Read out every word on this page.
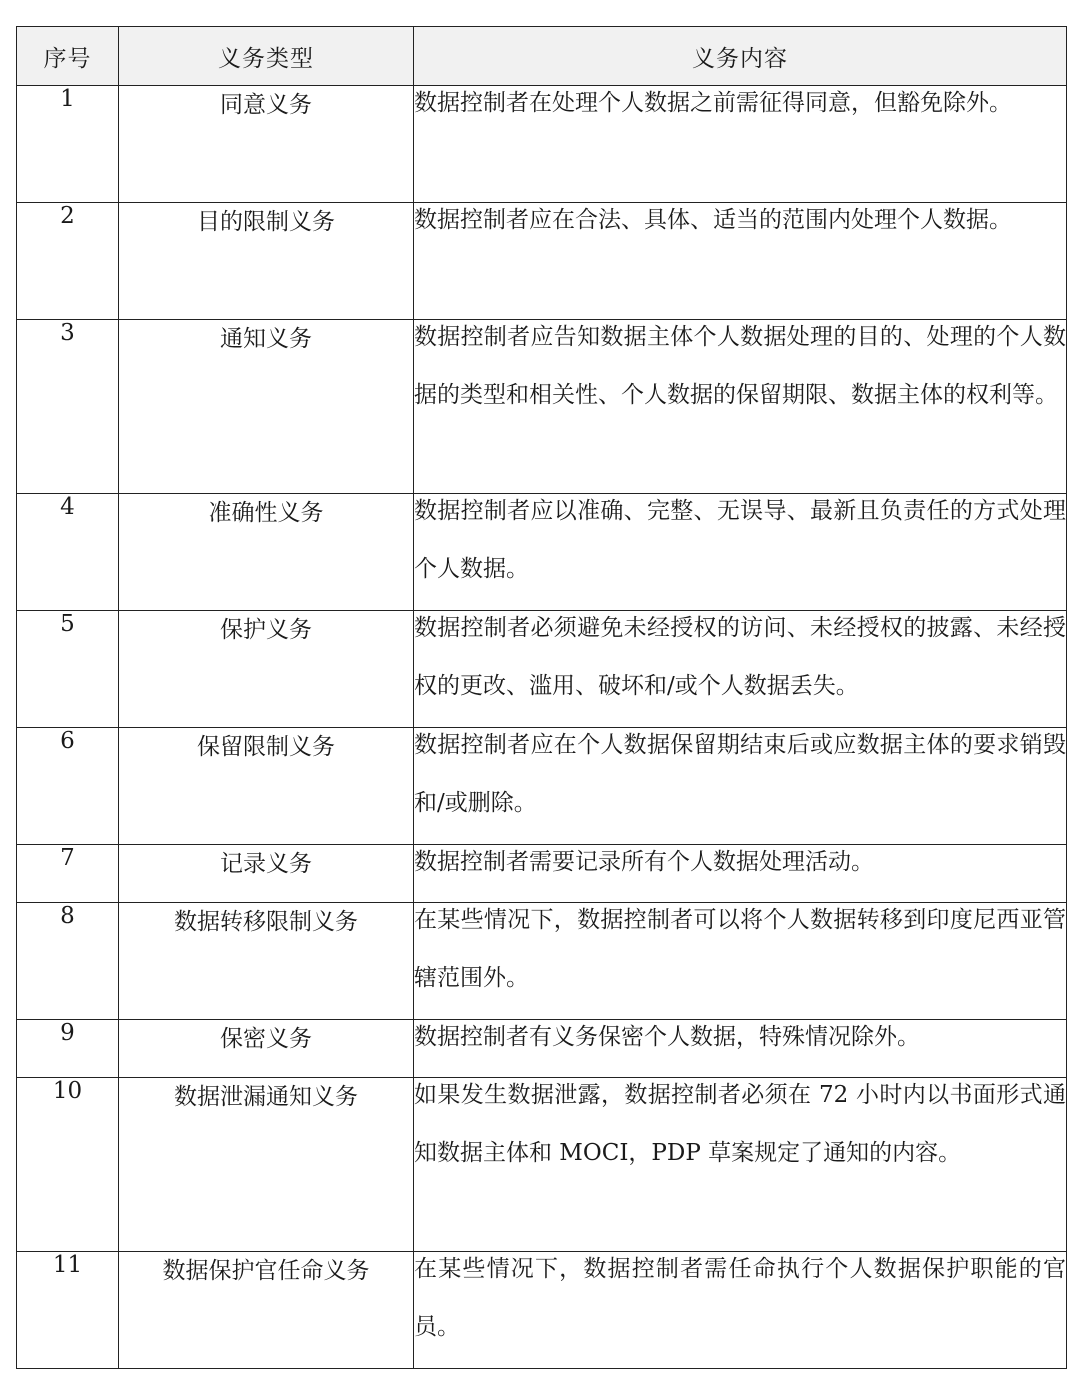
序号	义务类型	义务内容
1	同意义务	数据控制者在处理个人数据之前需征得同意，但豁免除外。

2	目的限制义务	数据控制者应在合法、具体、适当的范围内处理个人数据。

3	通知义务	数据控制者应告知数据主体个人数据处理的目的、处理的个人数据的类型和相关性、个人数据的保留期限、数据主体的权利等。

4	准确性义务	数据控制者应以准确、完整、无误导、最新且负责任的方式处理个人数据。

5	保护义务	数据控制者必须避免未经授权的访问、未经授权的披露、未经授权的更改、滥用、破坏和/或个人数据丢失。

6	保留限制义务	数据控制者应在个人数据保留期结束后或应数据主体的要求销毁和/或删除。

7	记录义务	数据控制者需要记录所有个人数据处理活动。

8	数据转移限制义务	在某些情况下，数据控制者可以将个人数据转移到印度尼西亚管辖范围外。

9	保密义务	数据控制者有义务保密个人数据，特殊情况除外。

10	数据泄漏通知义务	如果发生数据泄露，数据控制者必须在 72 小时内以书面形式通知数据主体和 MOCI，PDP 草案规定了通知的内容。

11	数据保护官任命义务	在某些情况下，数据控制者需任命执行个人数据保护职能的官员。
